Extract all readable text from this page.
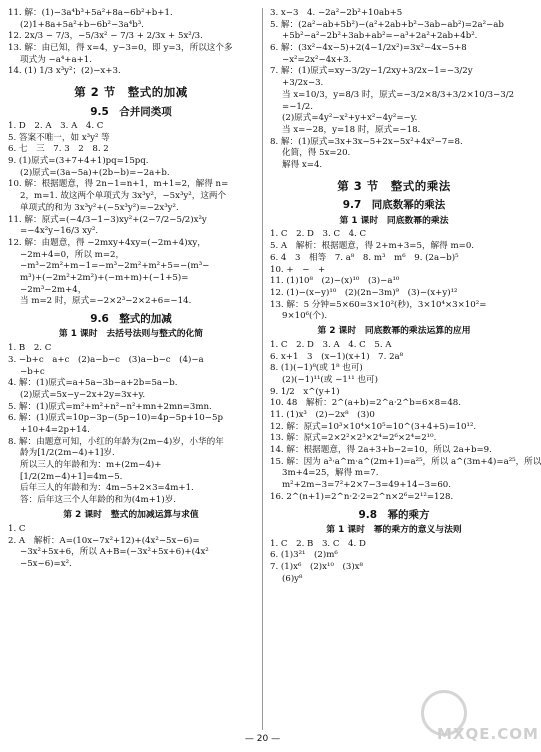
11. 解：(1)−3a⁴b³+5a²+8a−6b²+b+1.

(2)1+8a+5a²+b−6b²−3a⁴b³.

12. 2x/3 − 7/3，−5/3x² − 7/3 + 2/3x + 5x²/3.

13. 解：由已知，得 x=4，y−3=0，即 y=3，所以这个多

项式为 −a⁴+a+1.

14. (1) 1/3 x³y²；(2)−x+3.

第 2 节　整式的加减
9.5　合并同类项

1. D　2. A　3. A　4. C

5. 答案不唯一，如 x³y² 等

6. 七　三　7. 3　2　8. 2

9. (1)原式=(3+7+4+1)pq=15pq.

(2)原式=(3a−5a)+(2b−b)=−2a+b.

10. 解：根据题意，得 2n−1=n+1，m+1=2，解得 n=

2，m=1. 故这两个单项式为 3x³y²，−5x³y²，这两个

单项式的和为 3x³y²+(−5x³y²)=−2x³y².

11. 解：原式=(−4/3−1−3)xy²+(2−7/2−5/2)x²y

=−4x²y−16/3 xy².

12. 解：由题意，得 −2mxy+4xy=(−2m+4)xy，

−2m+4=0，所以 m=2，

−m³−2m²+m−1=−m³−2m²+m²+5=−(m³−

m³)+(−2m²+2m²)+(−m+m)+(−1+5)=

−2m³−2m+4，

当 m=2 时，原式=−2×2³−2×2+6=−14.

9.6　整式的加减
第 1 课时　去括号法则与整式的化简

1. B　2. C

3. −b+c　a+c　(2)a−b−c　(3)a−b−c　(4)−a

−b+c

4. 解：(1)原式=a+5a−3b−a+2b=5a−b.

(2)原式=5x−y−2x+2y=3x+y.

5. 解：(1)原式=m²+m²+n²−n²+mn+2mn=3mn.

6. 解：(1)原式=10p−3p−(5p−10)=4p−5p+10−5p

+10+4=2p+14.

8. 解：由题意可知，小红的年龄为(2m−4)岁，小华的年

龄为[1/2(2m−4)+1]岁.

所以三人的年龄和为：m+(2m−4)+

[1/2(2m−4)+1]=4m−5.

后年三人的年龄和为：4m−5+2×3=4m+1.

答：后年这三个人年龄的和为(4m+1)岁.

第 2 课时　整式的加减运算与求值

1. C

2. A　解析：A=(10x−7x²+12)+(4x²−5x−6)=

−3x²+5x+6，所以 A+B=(−3x²+5x+6)+(4x²

−5x−6)=x².

3. x−3　4. −2a²−2b²+10ab+5

5. 解：(2a²−ab+5b²)−(a²+2ab+b²−3ab−ab²)=2a²−ab

+5b²−a²−2b²+3ab+ab²=−a³+2a²+2ab+4b².

6. 解：(3x²−4x−5)+2(4−1/2x²)=3x²−4x−5+8

−x²=2x²−4x+3.

7. 解：(1)原式=xy−3/2y−1/2xy+3/2x−1=−3/2y

+3/2x−3.

当 x=10/3，y=8/3 时，原式=−3/2×8/3+3/2×10/3−3/2

=−1/2.

(2)原式=4y²−x²+y+x²−4y²=−y.

当 x=−28，y=18 时，原式=−18.

8. 解：(1)原式=3x+3x−5+2x−5x²+4x²−7=8.

化简，得 5x=20.

解得 x=4.

第 3 节　整式的乘法
9.7　同底数幂的乘法
第 1 课时　同底数幂的乘法

1. C　2. D　3. C　4. C

5. A　解析：根据题意，得 2+m+3=5，解得 m=0.

6. 4　3　相等　7. a⁸　8. m³　m⁶　9. (2a−b)⁵

10. +　−　+

11. (1)10⁸　(2)−(x)¹⁰　(3)−a¹⁰

12. (1)−(x−y)¹⁰　(2)(2n−3m)⁹　(3)−(x+y)¹²

13. 解：5 分钟=5×60=3×10²(秒)，3×10⁴×3×10²=

9×10⁶(个).

第 2 课时　同底数幂的乘法运算的应用

1. C　2. D　3. A　4. C　5. A

6. x+1　3　(x−1)(x+1)　7. 2a⁸

8. (1)(−1)⁸(或 1⁸ 也可)

(2)(−1)¹¹(或 −1¹¹ 也可)

9. 1/2　x^(y+1)

10. 48　解析：2^(a+b)=2^a·2^b=6×8=48.

11. (1)x³　(2)−2x⁸　(3)0

12. 解：原式=10³×10⁴×10⁵=10^(3+4+5)=10¹².

13. 解：原式=2×2²×2³×2⁴=2⁶×2⁴=2¹⁰.

14. 解：根据题意，得 2a+3+b−2=10，所以 2a+b=9.

15. 解：因为 a³·a^m·a^(2m+1)=a²⁵，所以 a^(3m+4)=a²⁵，所以

3m+4=25，解得 m=7.

m²+2m−3=7²+2×7−3=49+14−3=60.

16. 2^(n+1)=2^n·2·2=2^n×2⁶=2¹²=128.

9.8　幂的乘方
第 1 课时　幂的乘方的意义与法则

1. C　2. B　3. C　4. D

6. (1)3²¹　(2)m⁶

7. (1)x⁶　(2)x¹⁰　(3)x⁸

(6)y⁸

— 20 —	MXQE.COM
